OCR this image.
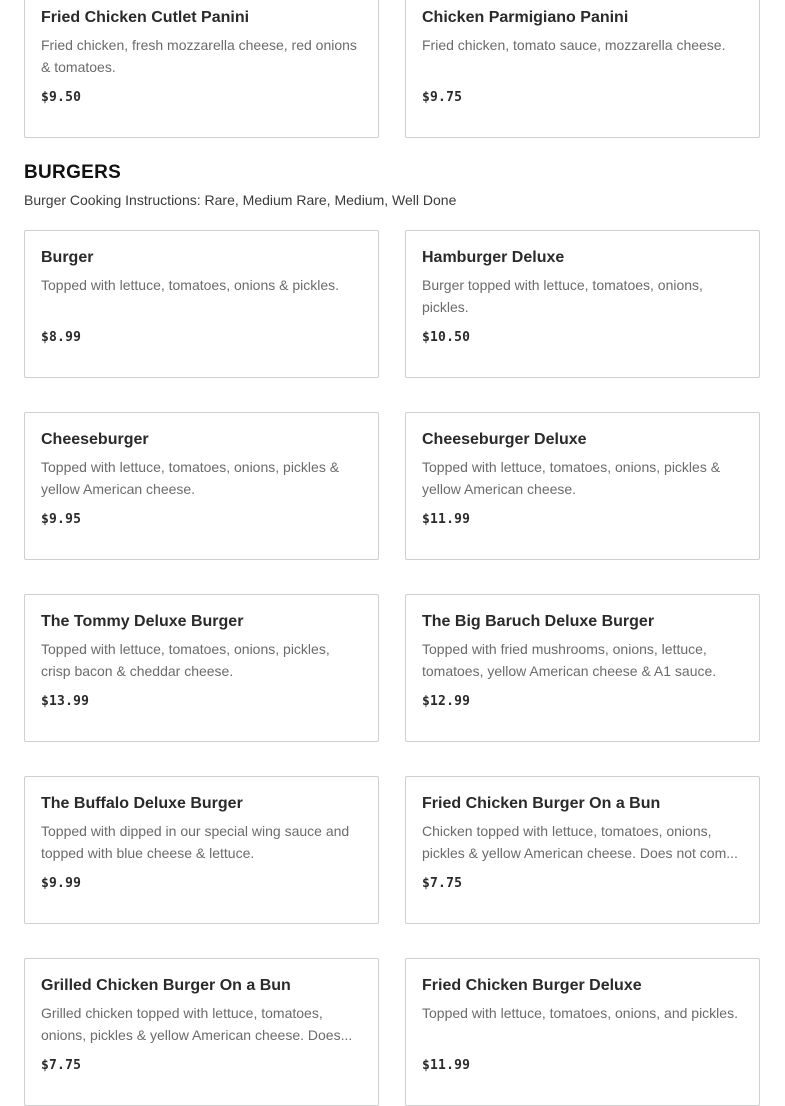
Fried Chicken Cutlet Panini
Fried chicken, fresh mozzarella cheese, red onions & tomatoes.
$9.50
Chicken Parmigiano Panini
Fried chicken, tomato sauce, mozzarella cheese.
$9.75
BURGERS
Burger Cooking Instructions: Rare, Medium Rare, Medium, Well Done
Burger
Topped with lettuce, tomatoes, onions & pickles.
$8.99
Hamburger Deluxe
Burger topped with lettuce, tomatoes, onions, pickles.
$10.50
Cheeseburger
Topped with lettuce, tomatoes, onions, pickles & yellow American cheese.
$9.95
Cheeseburger Deluxe
Topped with lettuce, tomatoes, onions, pickles & yellow American cheese.
$11.99
The Tommy Deluxe Burger
Topped with lettuce, tomatoes, onions, pickles, crisp bacon & cheddar cheese.
$13.99
The Big Baruch Deluxe Burger
Topped with fried mushrooms, onions, lettuce, tomatoes, yellow American cheese & A1 sauce.
$12.99
The Buffalo Deluxe Burger
Topped with dipped in our special wing sauce and topped with blue cheese & lettuce.
$9.99
Fried Chicken Burger On a Bun
Chicken topped with lettuce, tomatoes, onions, pickles & yellow American cheese. Does not com...
$7.75
Grilled Chicken Burger On a Bun
Grilled chicken topped with lettuce, tomatoes, onions, pickles & yellow American cheese. Does...
$7.75
Fried Chicken Burger Deluxe
Topped with lettuce, tomatoes, onions, and pickles.
$11.99
